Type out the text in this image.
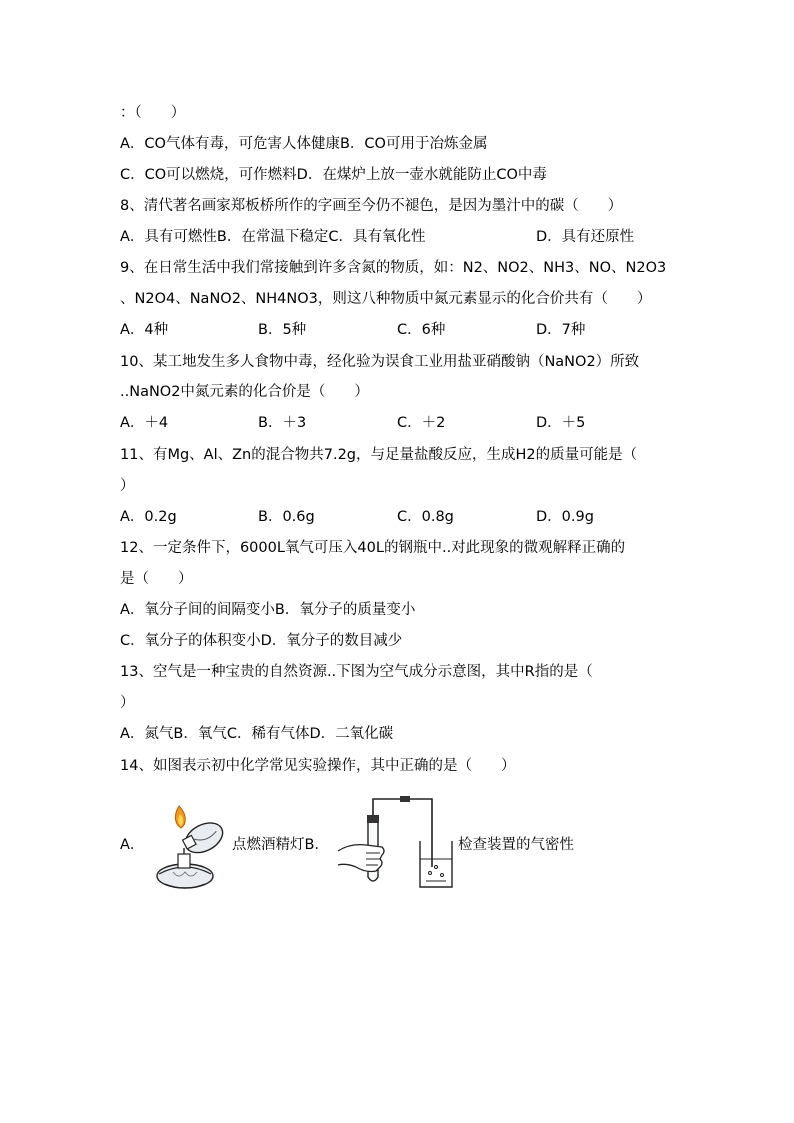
：（　　）
A．CO气体有毒，可危害人体健康B．CO可用于冶炼金属
C．CO可以燃烧，可作燃料D．在煤炉上放一壶水就能防止CO中毒
8、清代著名画家郑板桥所作的字画至今仍不褪色，是因为墨汁中的碳（　　）
A．具有可燃性B．在常温下稳定C．具有氧化性	D．具有还原性
9、在日常生活中我们常接触到许多含氮的物质，如：N2、NO2、NH3、NO、N2O3
、N2O4、NaNO2、NH4NO3，则这八种物质中氮元素显示的化合价共有（　　）
A．4种	B．5种	C．6种	D．7种
10、某工地发生多人食物中毒，经化验为误食工业用盐亚硝酸钠（NaNO2）所致
..NaNO2中氮元素的化合价是（　　）
A．＋4	B．＋3	C．＋2	D．＋5
11、有Mg、Al、Zn的混合物共7.2g，与足量盐酸反应，生成H2的质量可能是（
）
A．0.2g	B．0.6g	C．0.8g	D．0.9g
12、一定条件下，6000L氧气可压入40L的钢瓶中..对此现象的微观解释正确的
是（　　）
A．氧分子间的间隔变小B．氧分子的质量变小
C．氧分子的体积变小D．氧分子的数目减少
13、空气是一种宝贵的自然资源..下图为空气成分示意图，其中R指的是（
）
A．氮气B．氧气C．稀有气体D．二氧化碳
14、如图表示初中化学常见实验操作，其中正确的是（　　）
A．	点燃酒精灯B．	检查装置的气密性
